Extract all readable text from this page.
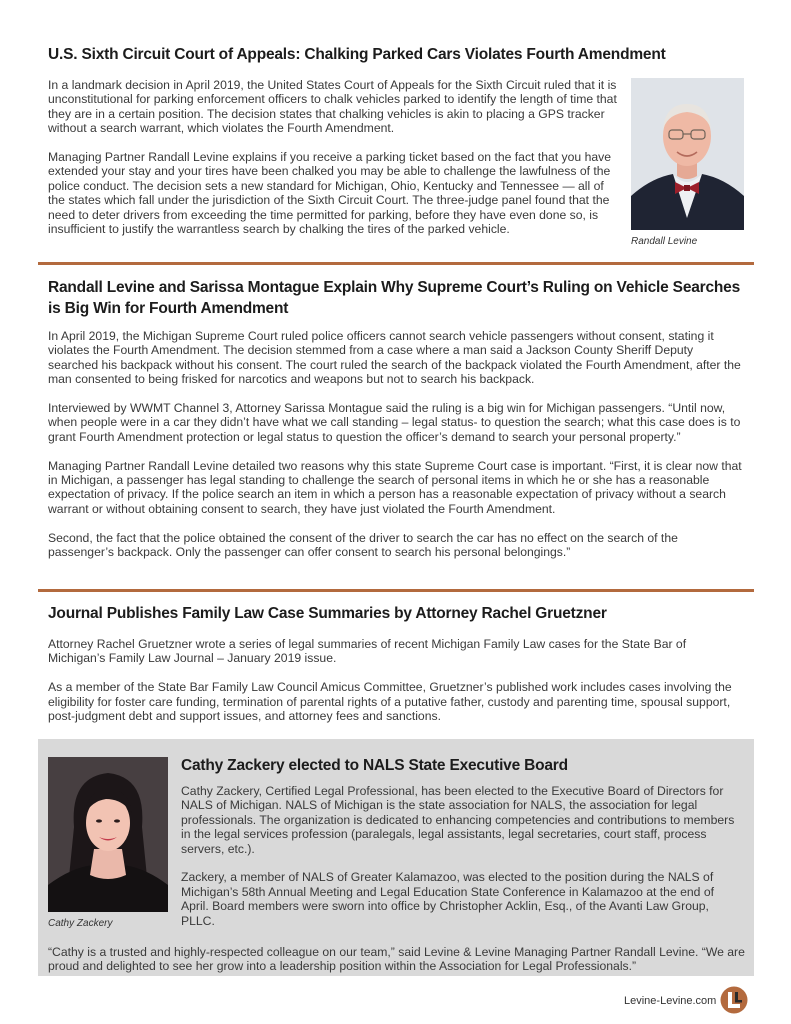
U.S. Sixth Circuit Court of Appeals: Chalking Parked Cars Violates Fourth Amendment

In a landmark decision in April 2019, the United States Court of Appeals for the Sixth Circuit ruled that it is unconstitutional for parking enforcement officers to chalk vehicles parked to identify the length of time that they are in a certain position. The decision states that chalking vehicles is akin to placing a GPS tracker without a search warrant, which violates the Fourth Amendment.

Managing Partner Randall Levine explains if you receive a parking ticket based on the fact that you have extended your stay and your tires have been chalked you may be able to challenge the lawfulness of the police conduct. The decision sets a new standard for Michigan, Ohio, Kentucky and Tennessee — all of the states which fall under the jurisdiction of the Sixth Circuit Court. The three-judge panel found that the need to deter drivers from exceeding the time permitted for parking, before they have even done so, is insufficient to justify the warrantless search by chalking the tires of the parked vehicle.

Randall Levine
Randall Levine and Sarissa Montague Explain Why Supreme Court’s Ruling on Vehicle Searches is Big Win for Fourth Amendment

In April 2019, the Michigan Supreme Court ruled police officers cannot search vehicle passengers without consent, stating it violates the Fourth Amendment. The decision stemmed from a case where a man said a Jackson County Sheriff Deputy searched his backpack without his consent. The court ruled the search of the backpack violated the Fourth Amendment, after the man consented to being frisked for narcotics and weapons but not to search his backpack.

Interviewed by WWMT Channel 3, Attorney Sarissa Montague said the ruling is a big win for Michigan passengers. “Until now, when people were in a car they didn’t have what we call standing – legal status- to question the search; what this case does is to grant Fourth Amendment protection or legal status to question the officer’s demand to search your personal property.”

Managing Partner Randall Levine detailed two reasons why this state Supreme Court case is important. “First, it is clear now that in Michigan, a passenger has legal standing to challenge the search of personal items in which he or she has a reasonable expectation of privacy. If the police search an item in which a person has a reasonable expectation of privacy without a search warrant or without obtaining consent to search, they have just violated the Fourth Amendment.

Second, the fact that the police obtained the consent of the driver to search the car has no effect on the search of the passenger’s backpack. Only the passenger can offer consent to search his personal belongings.”

Journal Publishes Family Law Case Summaries by Attorney Rachel Gruetzner

Attorney Rachel Gruetzner wrote a series of legal summaries of recent Michigan Family Law cases for the State Bar of Michigan’s Family Law Journal – January 2019 issue.

As a member of the State Bar Family Law Council Amicus Committee, Gruetzner’s published work includes cases involving the eligibility for foster care funding, termination of parental rights of a putative father, custody and parenting time, spousal support, post-judgment debt and support issues, and attorney fees and sanctions.

Cathy Zackery
Cathy Zackery elected to NALS State Executive Board

Cathy Zackery, Certified Legal Professional, has been elected to the Executive Board of Directors for NALS of Michigan. NALS of Michigan is the state association for NALS, the association for legal professionals. The organization is dedicated to enhancing competencies and contributions to members in the legal services profession (paralegals, legal assistants, legal secretaries, court staff, process servers, etc.).

Zackery, a member of NALS of Greater Kalamazoo, was elected to the position during the NALS of Michigan’s 58th Annual Meeting and Legal Education State Conference in Kalamazoo at the end of April. Board members were sworn into office by Christopher Acklin, Esq., of the Avanti Law Group, PLLC.

“Cathy is a trusted and highly-respected colleague on our team,” said Levine & Levine Managing Partner Randall Levine. “We are proud and delighted to see her grow into a leadership position within the Association for Legal Professionals.”

Levine-Levine.com
